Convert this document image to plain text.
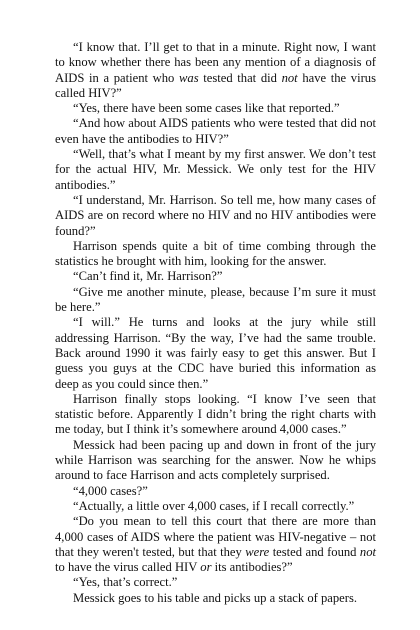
“I know that. I’ll get to that in a minute. Right now, I want to know whether there has been any mention of a diagnosis of AIDS in a patient who was tested that did not have the virus called HIV?”

“Yes, there have been some cases like that reported.”

“And how about AIDS patients who were tested that did not even have the antibodies to HIV?”

“Well, that’s what I meant by my first answer. We don’t test for the actual HIV, Mr. Messick. We only test for the HIV antibodies.”

“I understand, Mr. Harrison. So tell me, how many cases of AIDS are on record where no HIV and no HIV antibodies were found?”

Harrison spends quite a bit of time combing through the statistics he brought with him, looking for the answer.

“Can’t find it, Mr. Harrison?”

“Give me another minute, please, because I’m sure it must be here.”

“I will.” He turns and looks at the jury while still addressing Harrison. “By the way, I’ve had the same trouble. Back around 1990 it was fairly easy to get this answer. But I guess you guys at the CDC have buried this information as deep as you could since then.”

Harrison finally stops looking. “I know I’ve seen that statistic before. Apparently I didn’t bring the right charts with me today, but I think it’s somewhere around 4,000 cases.”

Messick had been pacing up and down in front of the jury while Harrison was searching for the answer. Now he whips around to face Harrison and acts completely surprised.

“4,000 cases?”

“Actually, a little over 4,000 cases, if I recall correctly.”

“Do you mean to tell this court that there are more than 4,000 cases of AIDS where the patient was HIV-negative – not that they weren't tested, but that they were tested and found not to have the virus called HIV or its antibodies?”

“Yes, that’s correct.”

Messick goes to his table and picks up a stack of papers.
